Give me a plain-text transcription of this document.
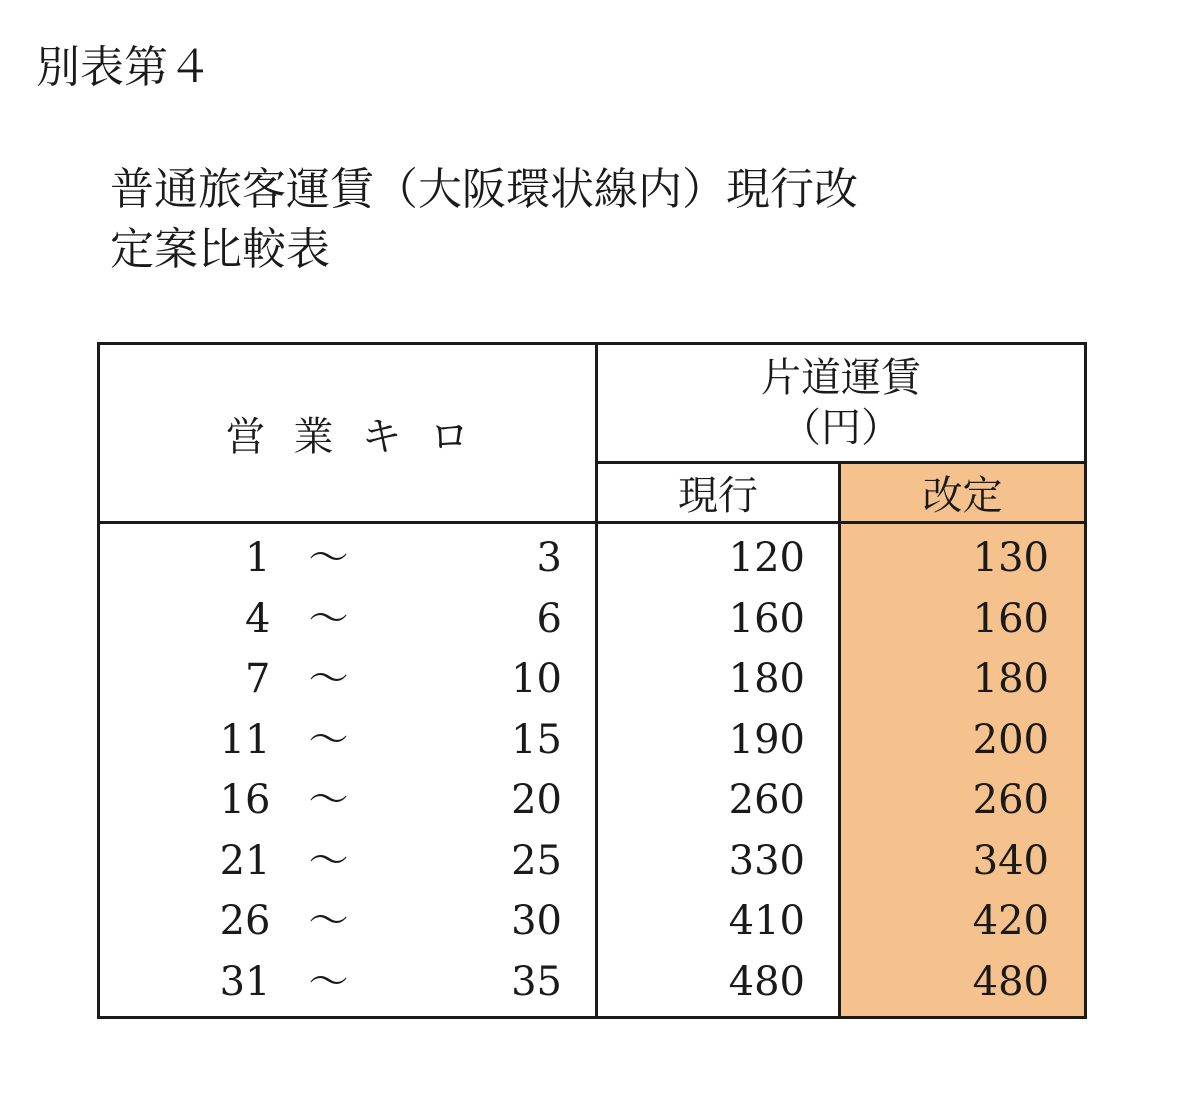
別表第４
普通旅客運賃（大阪環状線内）現行改
定案比較表
営業キロ			片道運賃
（円）	

			現行	改定
1	～	3	120	130
4	～	6	160	160
7	～	10	180	180
11	～	15	190	200
16	～	20	260	260
21	～	25	330	340
26	～	30	410	420
31	～	35	480	480
